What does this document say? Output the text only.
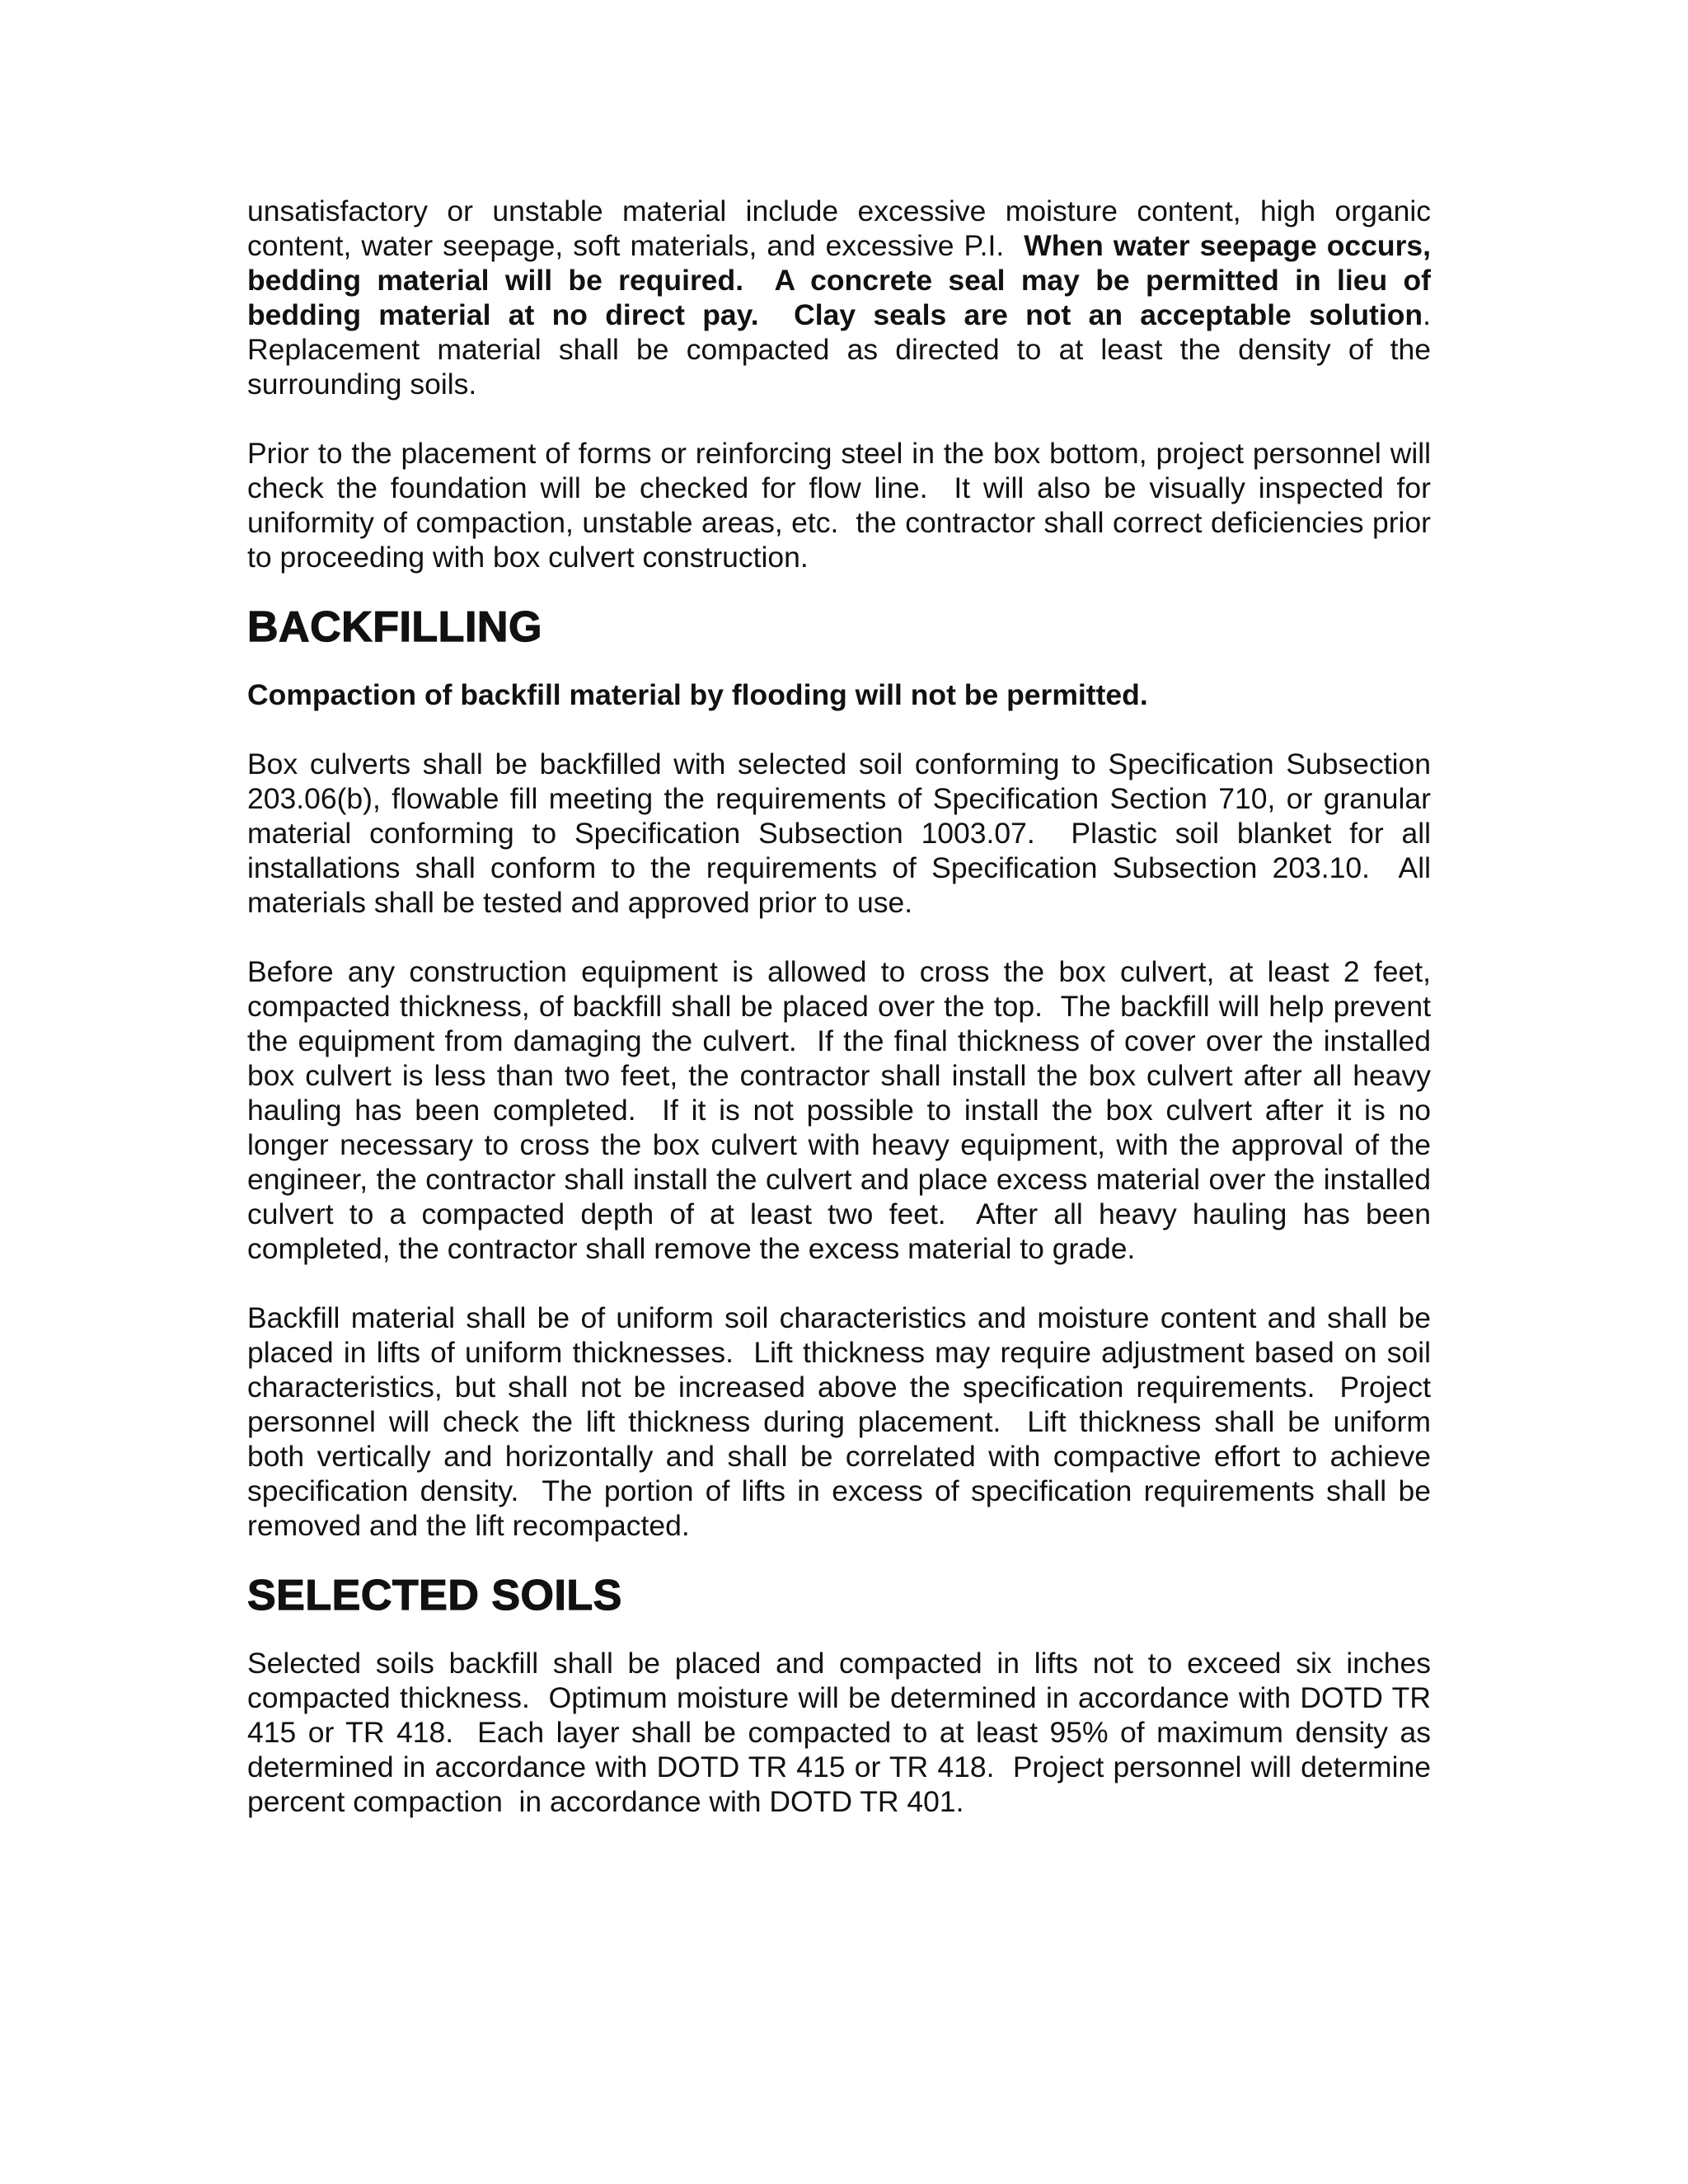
unsatisfactory or unstable material include excessive moisture content, high organic content, water seepage, soft materials, and excessive P.I.  When water seepage occurs, bedding material will be required.  A concrete seal may be permitted in lieu of bedding material at no direct pay.  Clay seals are not an acceptable solution.  Replacement material shall be compacted as directed to at least the density of the surrounding soils.

Prior to the placement of forms or reinforcing steel in the box bottom, project personnel will check the foundation will be checked for flow line.  It will also be visually inspected for uniformity of compaction, unstable areas, etc.  the contractor shall correct deficiencies prior to proceeding with box culvert construction.

BACKFILLING

Compaction of backfill material by flooding will not be permitted.

Box culverts shall be backfilled with selected soil conforming to Specification Subsection 203.06(b), flowable fill meeting the requirements of Specification Section 710, or granular material conforming to Specification Subsection 1003.07.  Plastic soil blanket for all installations shall conform to the requirements of Specification Subsection 203.10.  All materials shall be tested and approved prior to use.

Before any construction equipment is allowed to cross the box culvert, at least 2 feet, compacted thickness, of backfill shall be placed over the top.  The backfill will help prevent the equipment from damaging the culvert.  If the final thickness of cover over the installed box culvert is less than two feet, the contractor shall install the box culvert after all heavy hauling has been completed.  If it is not possible to install the box culvert after it is no longer necessary to cross the box culvert with heavy equipment, with the approval of the engineer, the contractor shall install the culvert and place excess material over the installed culvert to a compacted depth of at least two feet.  After all heavy hauling has been completed, the contractor shall remove the excess material to grade.

Backfill material shall be of uniform soil characteristics and moisture content and shall be placed in lifts of uniform thicknesses.  Lift thickness may require adjustment based on soil characteristics, but shall not be increased above the specification requirements.  Project personnel will check the lift thickness during placement.  Lift thickness shall be uniform both vertically and horizontally and shall be correlated with compactive effort to achieve specification density.  The portion of lifts in excess of specification requirements shall be removed and the lift recompacted.

SELECTED SOILS

Selected soils backfill shall be placed and compacted in lifts not to exceed six inches compacted thickness.  Optimum moisture will be determined in accordance with DOTD TR 415 or TR 418.  Each layer shall be compacted to at least 95% of maximum density as determined in accordance with DOTD TR 415 or TR 418.  Project personnel will determine percent compaction  in accordance with DOTD TR 401.
